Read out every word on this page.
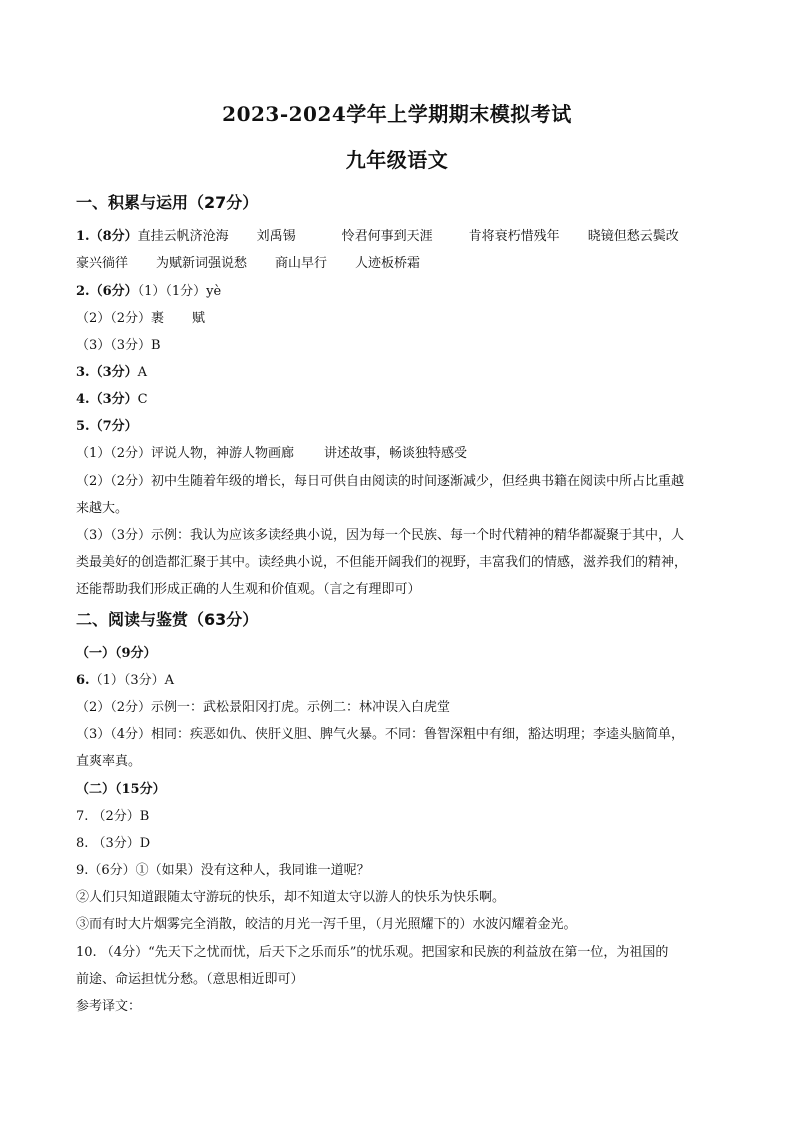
2023-2024学年上学期期末模拟考试
九年级语文
一、积累与运用（27分）
1.（8分）直挂云帆济沧海 刘禹锡	怜君何事到天涯	肯将衰朽惜残年 晓镜但愁云鬓改
豪兴徜徉 为赋新词强说愁 商山早行 人迹板桥霜
2.（6分）（1）（1分）yè
（2）（2分）裹 赋
（3）（3分）B
3.（3分）A
4.（3分）C
5.（7分）
（1）（2分）评说人物，神游人物画廊 讲述故事，畅谈独特感受
（2）（2分）初中生随着年级的增长，每日可供自由阅读的时间逐渐减少，但经典书籍在阅读中所占比重越
来越大。
（3）（3分）示例：我认为应该多读经典小说，因为每一个民族、每一个时代精神的精华都凝聚于其中，人
类最美好的创造都汇聚于其中。读经典小说，不但能开阔我们的视野，丰富我们的情感，滋养我们的精神，
还能帮助我们形成正确的人生观和价值观。（言之有理即可）
二、阅读与鉴赏（63分）
（一）（9分）
6.（1）（3分）A
（2）（2分）示例一：武松景阳冈打虎。示例二：林冲误入白虎堂
（3）（4分）相同：疾恶如仇、侠肝义胆、脾气火暴。不同：鲁智深粗中有细，豁达明理；李逵头脑简单，
直爽率真。
（二）（15分）
7. （2分）B
8. （3分）D
9.（6分）①（如果）没有这种人，我同谁一道呢？
②人们只知道跟随太守游玩的快乐，却不知道太守以游人的快乐为快乐啊。
③而有时大片烟雾完全消散，皎洁的月光一泻千里，（月光照耀下的）水波闪耀着金光。
10. （4分）“先天下之忧而忧，后天下之乐而乐”的忧乐观。把国家和民族的利益放在第一位，为祖国的
前途、命运担忧分愁。（意思相近即可）
参考译文：
